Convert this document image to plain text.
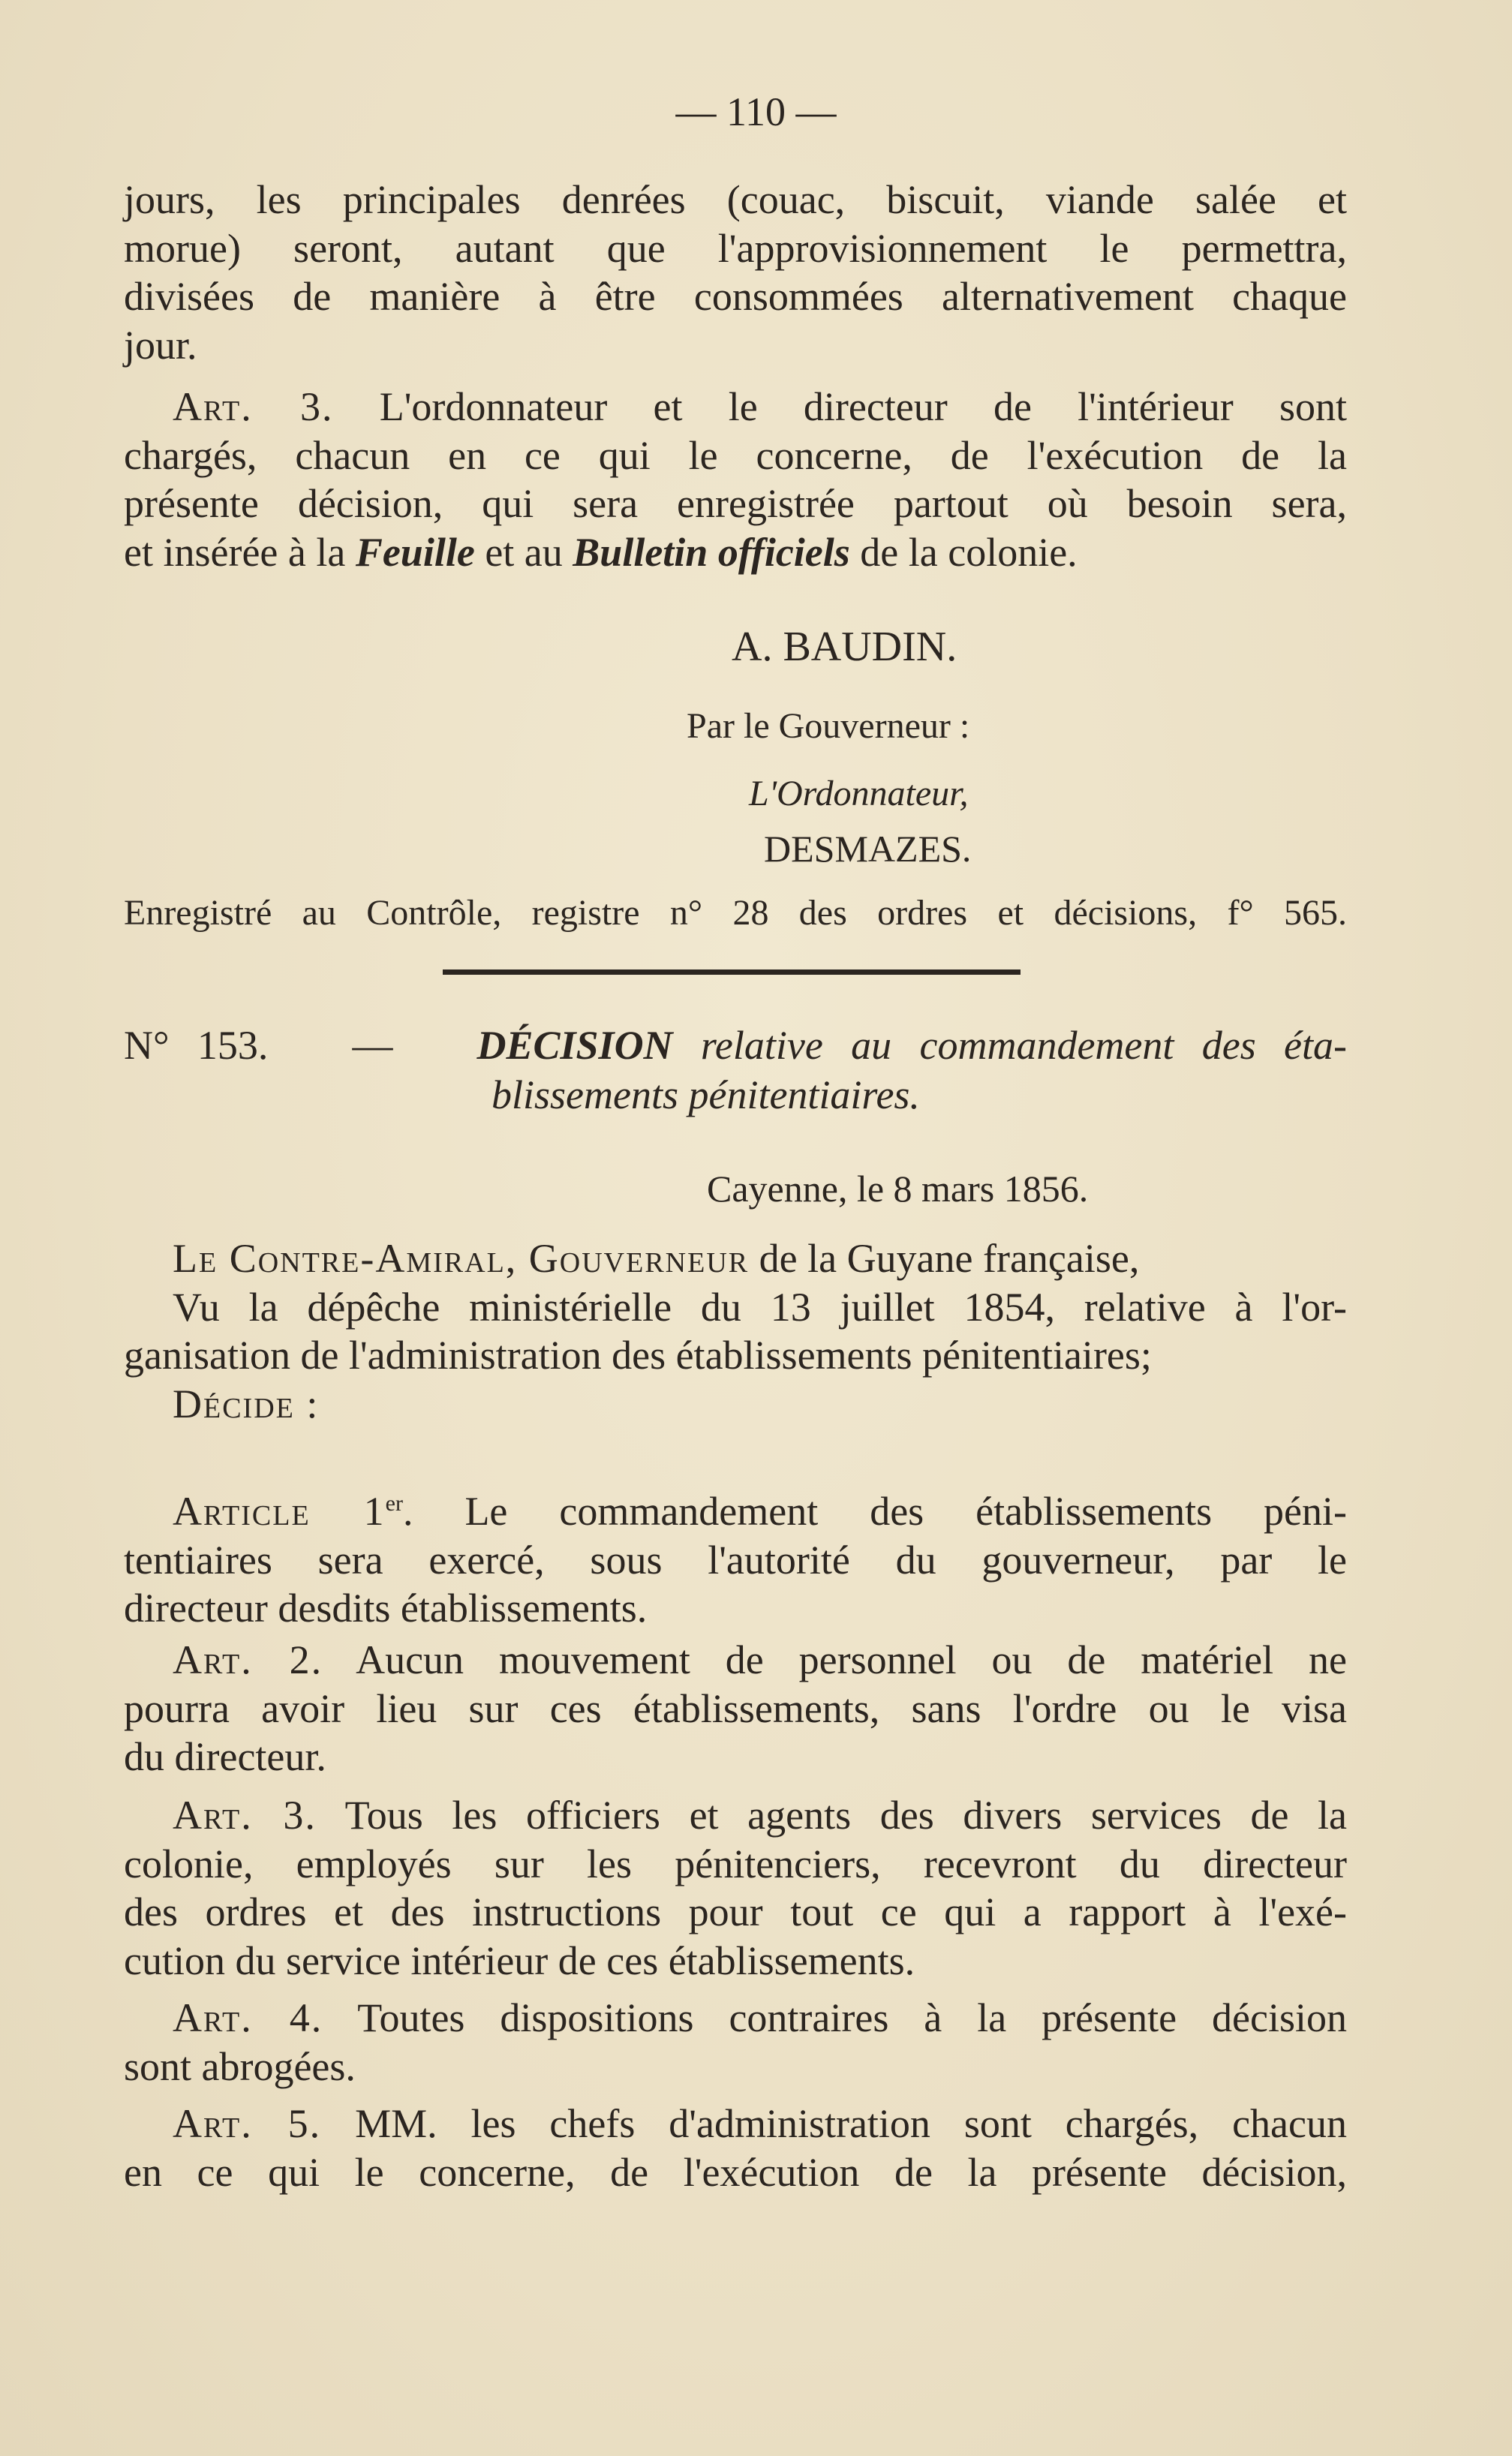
— 110 —
jours, les principales denrées (couac, biscuit, viande salée et
morue) seront, autant que l'approvisionnement le permettra,
divisées de manière à être consommées alternativement chaque
jour.
Art. 3. L'ordonnateur et le directeur de l'intérieur sont
chargés, chacun en ce qui le concerne, de l'exécution de la
présente décision, qui sera enregistrée partout où besoin sera,
et insérée à la Feuille et au Bulletin officiels de la colonie.
A. BAUDIN.
Par le Gouverneur :
L'Ordonnateur,
DESMAZES.
Enregistré au Contrôle, registre n° 28 des ordres et décisions, f° 565.
N° 153. — DÉCISION relative au commandement des éta-
blissements pénitentiaires.
Cayenne, le 8 mars 1856.
Le Contre-Amiral, Gouverneur de la Guyane française,
Vu la dépêche ministérielle du 13 juillet 1854, relative à l'or-
ganisation de l'administration des établissements pénitentiaires;
Décide :
Article 1er. Le commandement des établissements péni-
tentiaires sera exercé, sous l'autorité du gouverneur, par le
directeur desdits établissements.
Art. 2. Aucun mouvement de personnel ou de matériel ne
pourra avoir lieu sur ces établissements, sans l'ordre ou le visa
du directeur.
Art. 3. Tous les officiers et agents des divers services de la
colonie, employés sur les pénitenciers, recevront du directeur
des ordres et des instructions pour tout ce qui a rapport à l'exé-
cution du service intérieur de ces établissements.
Art. 4. Toutes dispositions contraires à la présente décision
sont abrogées.
Art. 5. MM. les chefs d'administration sont chargés, chacun
en ce qui le concerne, de l'exécution de la présente décision,
